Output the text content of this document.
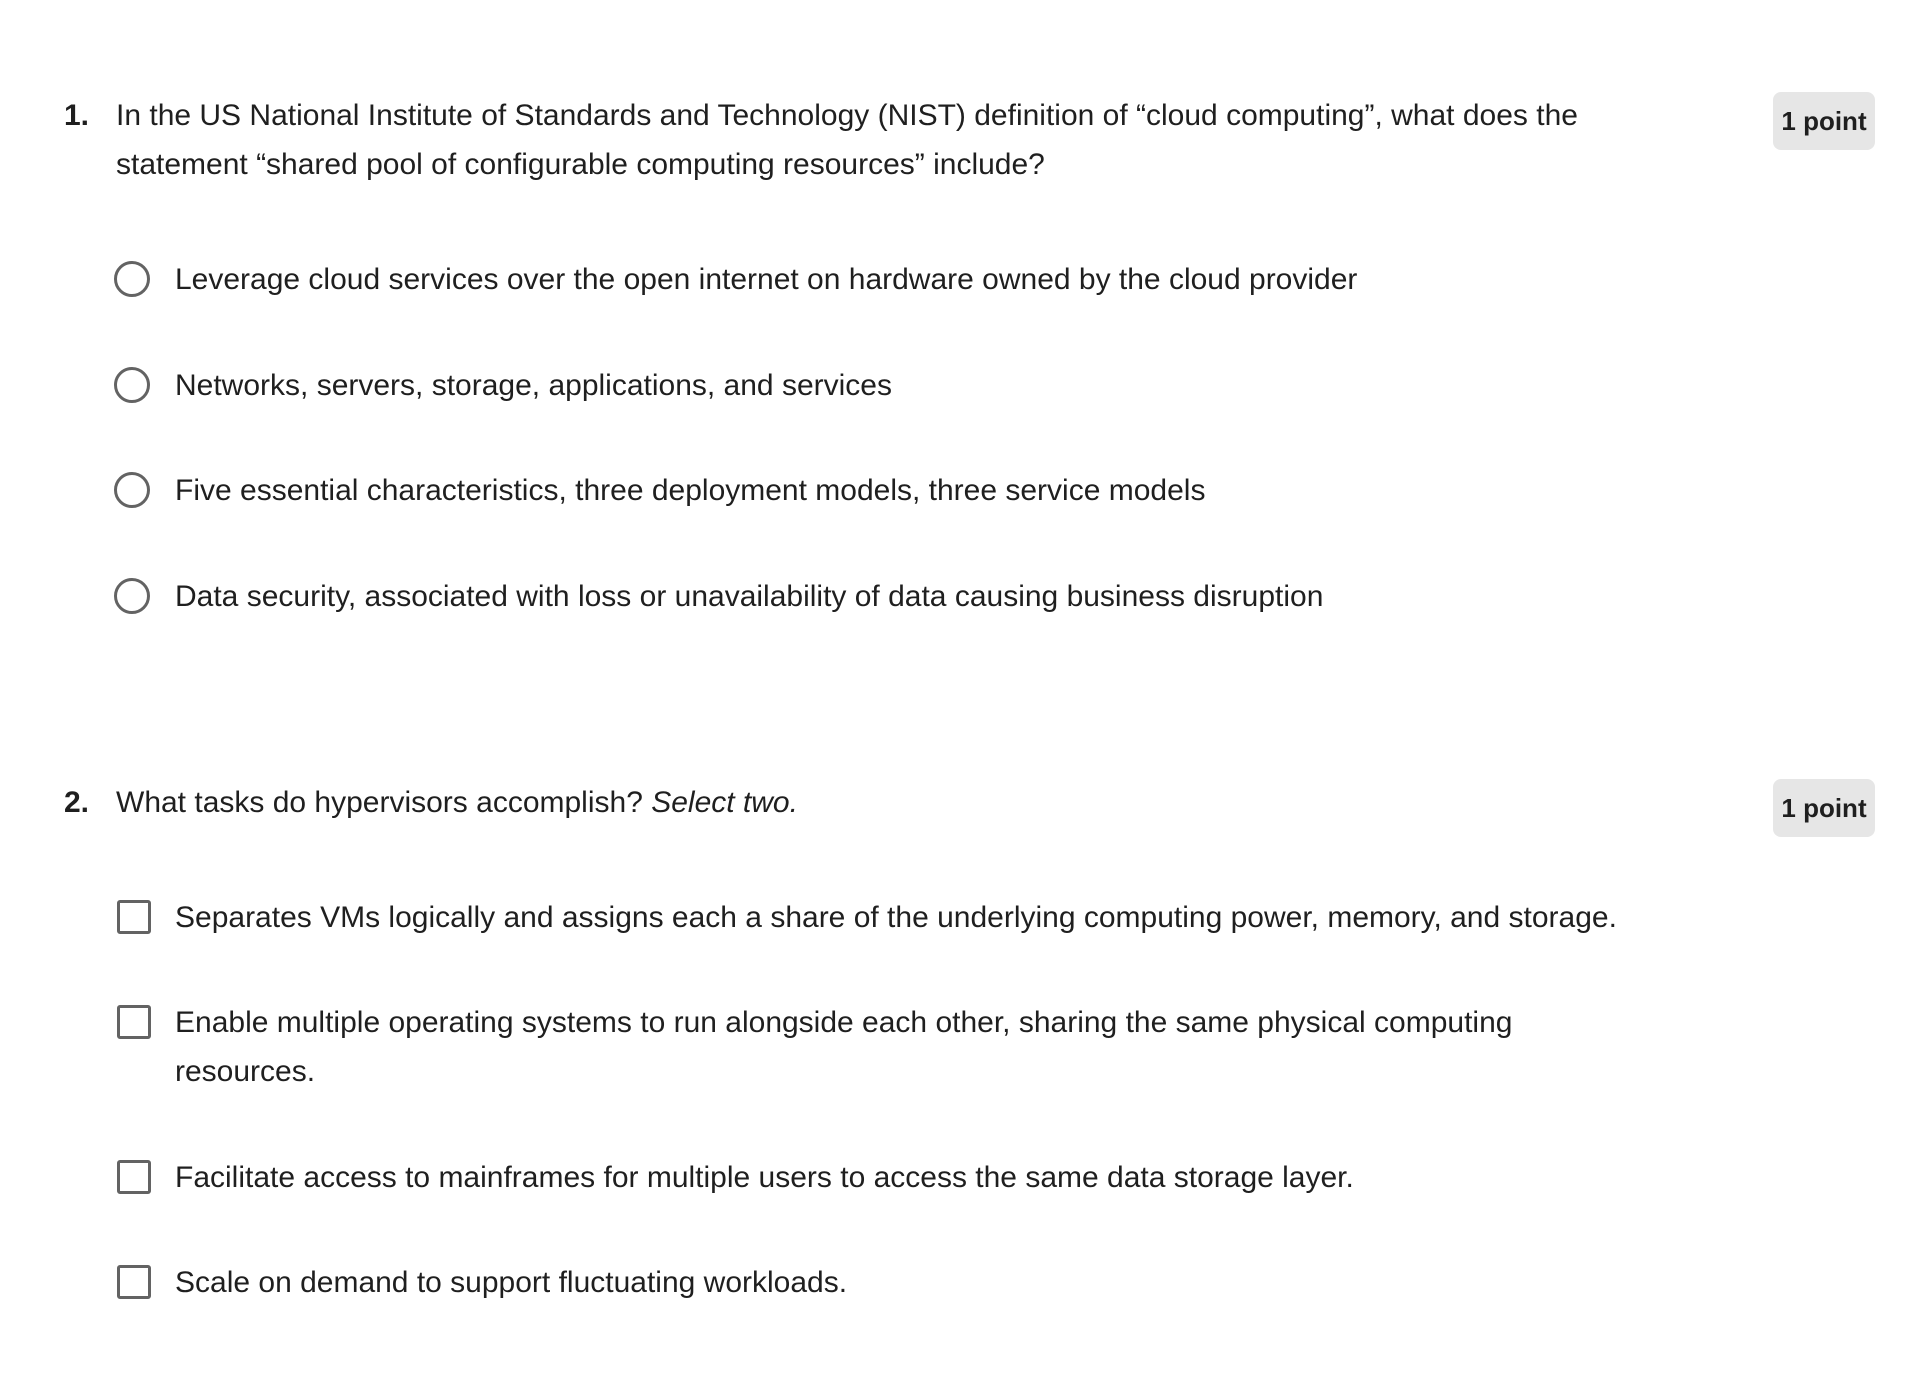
1. In the US National Institute of Standards and Technology (NIST) definition of “cloud computing”, what does the statement “shared pool of configurable computing resources” include?
1 point
Leverage cloud services over the open internet on hardware owned by the cloud provider
Networks, servers, storage, applications, and services
Five essential characteristics, three deployment models, three service models
Data security, associated with loss or unavailability of data causing business disruption
2. What tasks do hypervisors accomplish? Select two.	1 point
Separates VMs logically and assigns each a share of the underlying computing power, memory, and storage.
Enable multiple operating systems to run alongside each other, sharing the same physical computing resources.
Facilitate access to mainframes for multiple users to access the same data storage layer.
Scale on demand to support fluctuating workloads.
